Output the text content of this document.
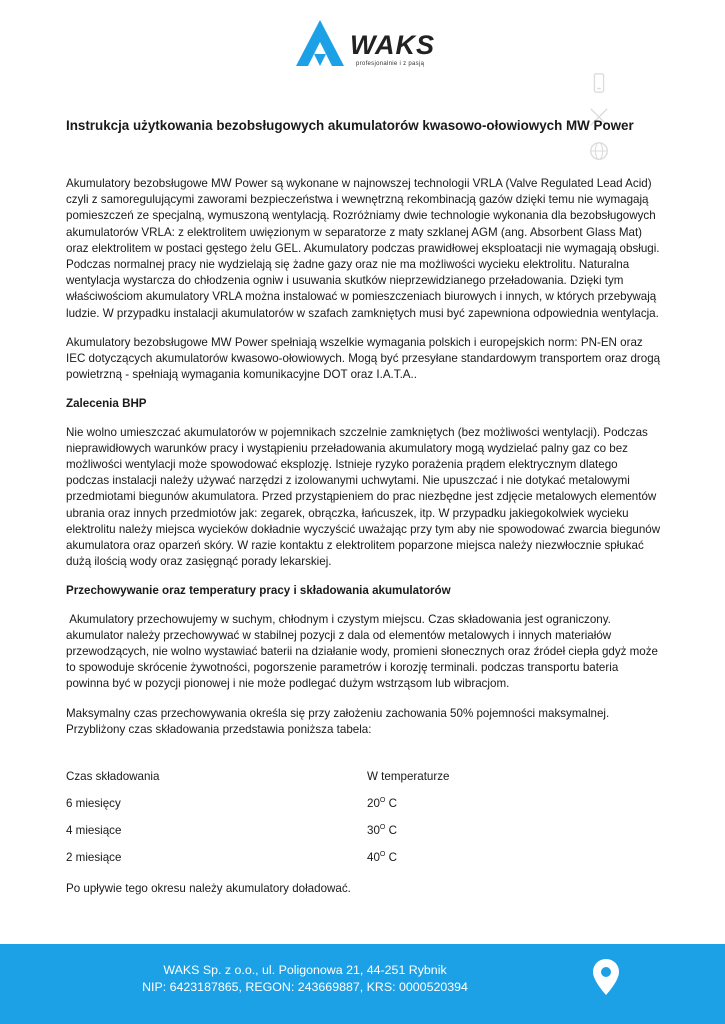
WAKS
profesjonalnie i z pasją
Instrukcja użytkowania bezobsługowych akumulatorów kwasowo-ołowiowych MW Power

Akumulatory bezobsługowe MW Power są wykonane w najnowszej technologii VRLA (Valve Regulated Lead Acid) czyli z samoregulującymi zaworami bezpieczeństwa i wewnętrzną rekombinacją gazów dzięki temu nie wymagają pomieszczeń ze specjalną, wymuszoną wentylacją. Rozróżniamy dwie technologie wykonania dla bezobsługowych akumulatorów VRLA: z elektrolitem uwięzionym w separatorze z maty szklanej AGM (ang. Absorbent Glass Mat) oraz elektrolitem w postaci gęstego żelu GEL. Akumulatory podczas prawidłowej eksploatacji nie wymagają obsługi. Podczas normalnej pracy nie wydzielają się żadne gazy oraz nie ma możliwości wycieku elektrolitu. Naturalna wentylacja wystarcza do chłodzenia ogniw i usuwania skutków nieprzewidzianego przeładowania. Dzięki tym właściwościom akumulatory VRLA można instalować w pomieszczeniach biurowych i innych, w których przebywają ludzie. W przypadku instalacji akumulatorów w szafach zamkniętych musi być zapewniona odpowiednia wentylacja.

Akumulatory bezobsługowe MW Power spełniają wszelkie wymagania polskich i europejskich norm: PN-EN oraz IEC dotyczących akumulatorów kwasowo-ołowiowych. Mogą być przesyłane standardowym transportem oraz drogą powietrzną - spełniają wymagania komunikacyjne DOT oraz I.A.T.A..

Zalecenia BHP

Nie wolno umieszczać akumulatorów w pojemnikach szczelnie zamkniętych (bez możliwości wentylacji). Podczas nieprawidłowych warunków pracy i wystąpieniu przeładowania akumulatory mogą wydzielać palny gaz co bez możliwości wentylacji może spowodować eksplozję. Istnieje ryzyko porażenia prądem elektrycznym dlatego podczas instalacji należy używać narzędzi z izolowanymi uchwytami. Nie upuszczać i nie dotykać metalowymi przedmiotami biegunów akumulatora. Przed przystąpieniem do prac niezbędne jest zdjęcie metalowych elementów ubrania oraz innych przedmiotów jak: zegarek, obrączka, łańcuszek, itp. W przypadku jakiegokolwiek wycieku elektrolitu należy miejsca wycieków dokładnie wyczyścić uważając przy tym aby nie spowodować zwarcia biegunów akumulatora oraz oparzeń skóry. W razie kontaktu z elektrolitem poparzone miejsca należy niezwłocznie spłukać dużą ilością wody oraz zasięgnąć porady lekarskiej.

Przechowywanie oraz temperatury pracy i składowania akumulatorów

Akumulatory przechowujemy w suchym, chłodnym i czystym miejscu. Czas składowania jest ograniczony. akumulator należy przechowywać w stabilnej pozycji z dala od elementów metalowych i innych materiałów przewodzących, nie wolno wystawiać baterii na działanie wody, promieni słonecznych oraz źródeł ciepła gdyż może to spowoduje skrócenie żywotności, pogorszenie parametrów i korozję terminali. podczas transportu bateria powinna być w pozycji pionowej i nie może podlegać dużym wstrząsom lub wibracjom.

Maksymalny czas przechowywania określa się przy założeniu zachowania 50% pojemności maksymalnej. Przybliżony czas składowania przedstawia poniższa tabela:

Czas składowania	W temperaturze
6 miesięcy	$20^O$ C
4 miesiące	$30^O$ C
2 miesiące	$40^O$ C
Po upływie tego okresu należy akumulatory doładować.
WAKS Sp. z o.o., ul. Poligonowa 21, 44-251 Rybnik
NIP: 6423187865, REGON: 243669887, KRS: 0000520394
